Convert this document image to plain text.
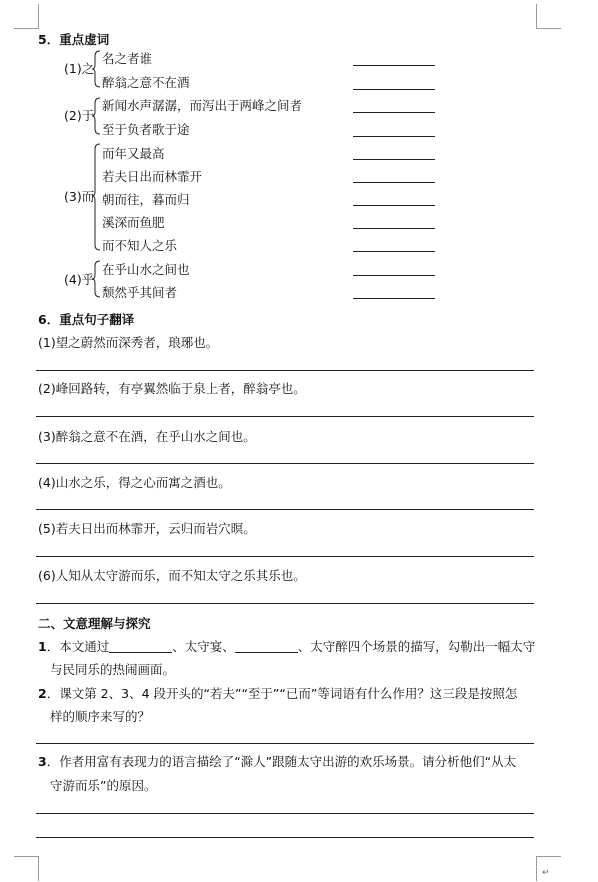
↵
5．重点虚词
(1)之
名之者谁
醉翁之意不在酒
(2)于
新闻水声潺潺，而泻出于两峰之间者
至于负者歌于途
(3)而
而年又最高
若夫日出而林霏开
朝而往，暮而归
溪深而鱼肥
而不知人之乐
(4)乎
在乎山水之间也
颓然乎其间者
6．重点句子翻译
(1)望之蔚然而深秀者，琅琊也。
(2)峰回路转，有亭翼然临于泉上者，醉翁亭也。
(3)醉翁之意不在酒，在乎山水之间也。
(4)山水之乐，得之心而寓之酒也。
(5)若夫日出而林霏开，云归而岩穴暝。
(6)人知从太守游而乐，而不知太守之乐其乐也。
二、文意理解与探究
1．本文通过	、太守宴、	、太守醉四个场景的描写，勾勒出一幅太守
与民同乐的热闹画面。
2．课文第 2、3、4 段开头的“若夫”“至于”“已而”等词语有什么作用？这三段是按照怎
样的顺序来写的？
3．作者用富有表现力的语言描绘了“滁人”跟随太守出游的欢乐场景。请分析他们“从太
守游而乐”的原因。
